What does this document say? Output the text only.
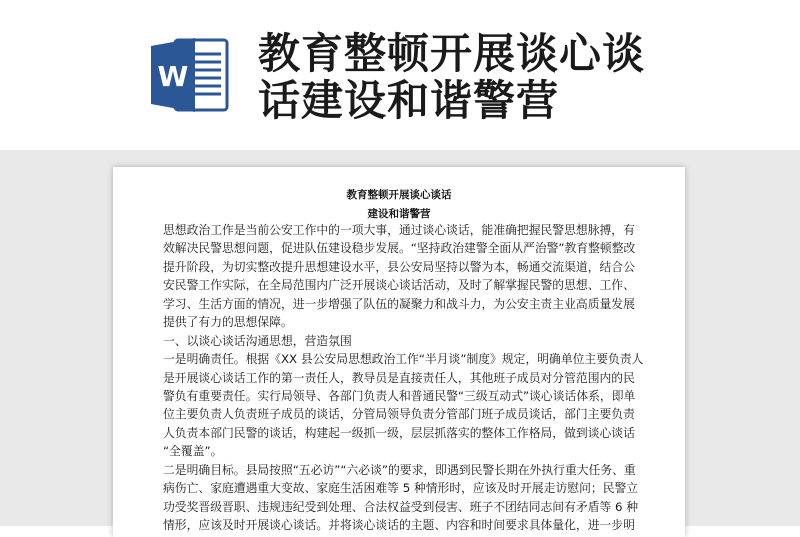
W 教育整顿开展谈心谈
话建设和谐警营
教育整顿开展谈心谈话
建设和谐警营
思想政治工作是当前公安工作中的一项大事，通过谈心谈话，能准确把握民警思想脉搏，有
效解决民警思想问题，促进队伍建设稳步发展。“坚持政治建警全面从严治警”教育整顿整改
提升阶段，为切实整改提升思想建设水平，县公安局坚持以警为本，畅通交流渠道，结合公
安民警工作实际，在全局范围内广泛开展谈心谈话活动，及时了解掌握民警的思想、工作、
学习、生活方面的情况，进一步增强了队伍的凝聚力和战斗力，为公安主责主业高质量发展
提供了有力的思想保障。
一、以谈心谈话沟通思想，营造氛围
一是明确责任。根据《XX 县公安局思想政治工作“半月谈”制度》规定，明确单位主要负责人
是开展谈心谈话工作的第一责任人，教导员是直接责任人，其他班子成员对分管范围内的民
警负有重要责任。实行局领导、各部门负责人和普通民警“三级互动式”谈心谈话体系，即单
位主要负责人负责班子成员的谈话，分管局领导负责分管部门班子成员谈话，部门主要负责
人负责本部门民警的谈话，构建起一级抓一级，层层抓落实的整体工作格局，做到谈心谈话
“全覆盖”。
二是明确目标。县局按照“五必访”“六必谈”的要求，即遇到民警长期在外执行重大任务、重
病伤亡、家庭遭遇重大变故、家庭生活困难等 5 种情形时，应该及时开展走访慰问；民警立
功受奖晋级晋职、违规违纪受到处理、合法权益受到侵害、班子不团结同志间有矛盾等 6 种
情形，应该及时开展谈心谈话。并将谈心谈话的主题、内容和时间要求具体量化，进一步明
